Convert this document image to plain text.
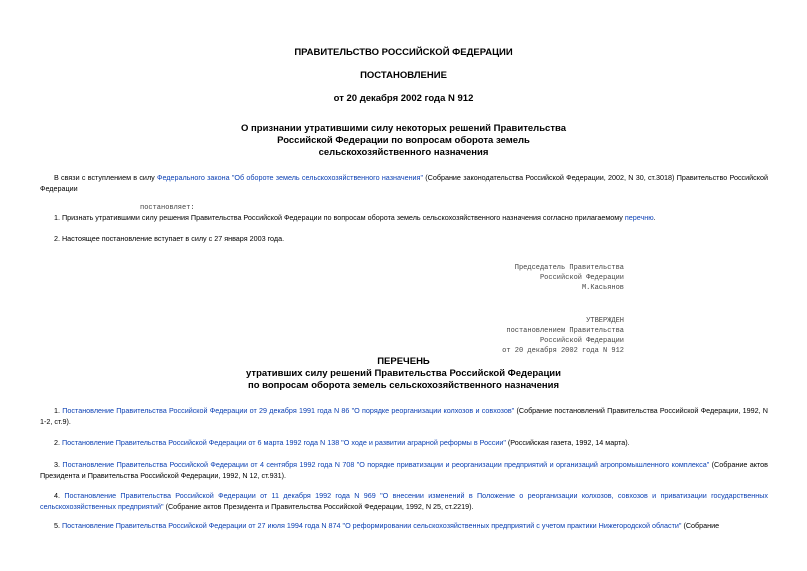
ПРАВИТЕЛЬСТВО РОССИЙСКОЙ ФЕДЕРАЦИИ
ПОСТАНОВЛЕНИЕ
от 20 декабря 2002 года N 912
О признании утратившими силу некоторых решений Правительства
Российской Федерации по вопросам оборота земель
сельскохозяйственного назначения
В связи с вступлением в силу Федерального закона "Об обороте земель сельскохозяйственного назначения" (Собрание законодательства Российской Федерации, 2002, N 30, ст.3018) Правительство Российской Федерации
постановляет:
1. Признать утратившими силу решения Правительства Российской Федерации по вопросам оборота земель сельскохозяйственного назначения согласно прилагаемому перечню.
2. Настоящее постановление вступает в силу с 27 января 2003 года.
Председатель Правительства
Российской Федерации
М.Касьянов
УТВЕРЖДЕН
постановлением Правительства
Российской Федерации
от 20 декабря 2002 года N 912
ПЕРЕЧЕНЬ
утративших силу решений Правительства Российской Федерации
по вопросам оборота земель сельскохозяйственного назначения
1. Постановление Правительства Российской Федерации от 29 декабря 1991 года N 86 "О порядке реорганизации колхозов и совхозов" (Собрание постановлений Правительства Российской Федерации, 1992, N 1-2, ст.9).
2. Постановление Правительства Российской Федерации от 6 марта 1992 года N 138 "О ходе и развитии аграрной реформы в России" (Российская газета, 1992, 14 марта).
3. Постановление Правительства Российской Федерации от 4 сентября 1992 года N 708 "О порядке приватизации и реорганизации предприятий и организаций агропромышленного комплекса" (Собрание актов Президента и Правительства Российской Федерации, 1992, N 12, ст.931).
4. Постановление Правительства Российской Федерации от 11 декабря 1992 года N 969 "О внесении изменений в Положение о реорганизации колхозов, совхозов и приватизации государственных сельскохозяйственных предприятий" (Собрание актов Президента и Правительства Российской Федерации, 1992, N 25, ст.2219).
5. Постановление Правительства Российской Федерации от 27 июля 1994 года N 874 "О реформировании сельскохозяйственных предприятий с учетом практики Нижегородской области" (Собрание
